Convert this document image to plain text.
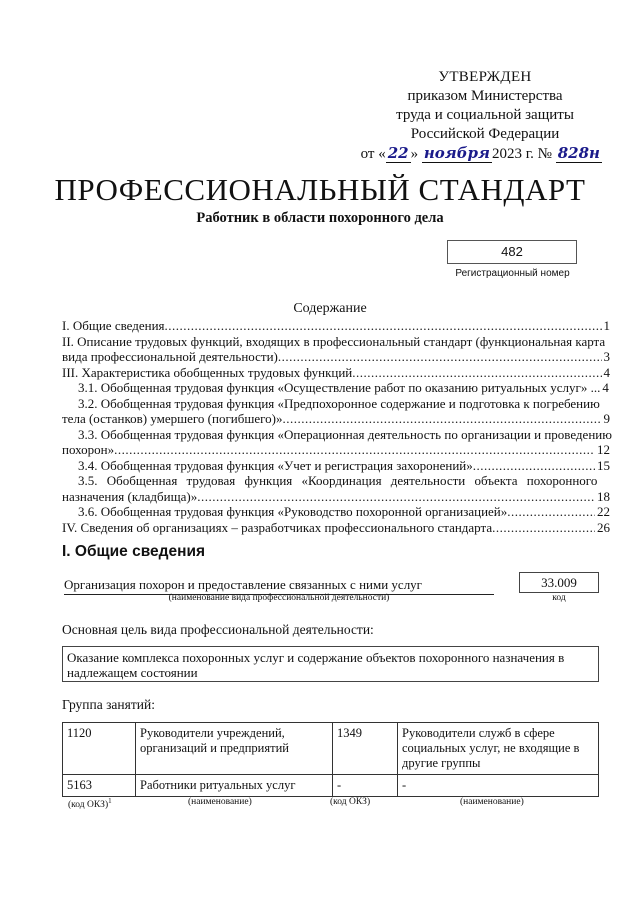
УТВЕРЖДЕН
приказом Министерства
труда и социальной защиты
Российской Федерации
от « 22 » ноября 2023 г. № 828н
ПРОФЕССИОНАЛЬНЫЙ СТАНДАРТ
Работник в области похоронного дела
482
Регистрационный номер
Содержание
I. Общие сведения .....	1
II. Описание трудовых функций, входящих в профессиональный стандарт (функциональная карта
вида профессиональной деятельности) .....	3
III. Характеристика обобщенных трудовых функций .....	4
3.1. Обобщенная трудовая функция «Осуществление работ по оказанию ритуальных услуг» ... 4
3.2. Обобщенная трудовая функция «Предпохоронное содержание и подготовка к погребению
тела (останков) умершего (погибшего)» .....	9
3.3. Обобщенная трудовая функция «Операционная деятельность по организации и проведению
похорон» .....	12
3.4. Обобщенная трудовая функция «Учет и регистрация захоронений» .....	15
3.5. Обобщенная трудовая функция «Координация деятельности объекта похоронного
назначения (кладбища)» .....	18
3.6. Обобщенная трудовая функция «Руководство похоронной организацией» .....	22
IV. Сведения об организациях – разработчиках профессионального стандарта .....	26
I. Общие сведения
Организация похорон и предоставление связанных с ними услуг
(наименование вида профессиональной деятельности)
33.009
код
Основная цель вида профессиональной деятельности:
Оказание комплекса похоронных услуг и содержание объектов похоронного назначения в надлежащем состоянии
Группа занятий:
1120	Руководители учреждений, организаций и предприятий	1349	Руководители служб в сфере социальных услуг, не входящие в другие группы
5163	Работники ритуальных услуг	-	-
(код ОКЗ)$^1$	(наименование)	(код ОКЗ)	(наименование)
